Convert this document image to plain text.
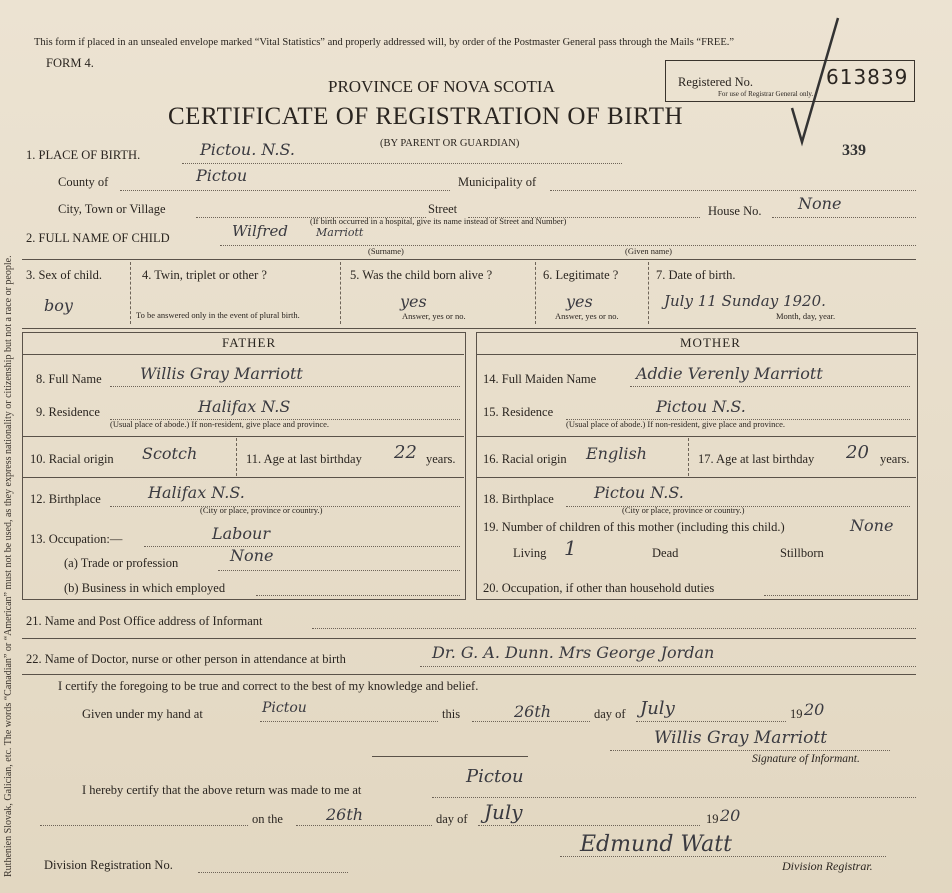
Ruthenien Slovak, Galician, etc. The words “Canadian” or “American” must not be used, as they express nationality or citizenship but not a race or people.
This form if placed in an unsealed envelope marked “Vital Statistics” and properly addressed will, by order of the Postmaster General pass through the Mails “FREE.”
FORM 4.
PROVINCE OF NOVA SCOTIA
CERTIFICATE OF REGISTRATION OF BIRTH
(BY PARENT OR GUARDIAN)
Registered No.
For use of Registrar General only.
613839
339
1. PLACE OF BIRTH.	Pictou. N.S.
County of	Pictou	Municipality of
City, Town or Village	Street
(If birth occurred in a hospital, give its name instead of Street and Number)
House No. None
2. FULL NAME OF CHILD	Wilfred	Marriott
(Surname)	(Given name)
3. Sex of child.
boy
4. Twin, triplet or other ?
To be answered only in the event of plural birth.
5. Was the child born alive ?
yes
Answer, yes or no.
6. Legitimate ?
yes
Answer, yes or no.
7. Date of birth.
July 11 Sunday 1920.
Month, day, year.
FATHER	MOTHER
8. Full Name Willis Gray Marriott
9. Residence	Halifax N.S
(Usual place of abode.) If non-resident, give place and province.
10. Racial origin Scotch	11. Age at last birthday 22 years.
12. Birthplace	Halifax N.S.
(City or place, province or country.)
13. Occupation:—	Labour
(a) Trade or profession	None
(b) Business in which employed
14. Full Maiden Name Addie Verenly Marriott
15. Residence	Pictou N.S.
(Usual place of abode.) If non-resident, give place and province.
16. Racial origin English	17. Age at last birthday 20 years.
18. Birthplace	Pictou N.S.
(City or place, province or country.)
19. Number of children of this mother (including this child.)	None
Living 1	Dead	Stillborn
20. Occupation, if other than household duties
21. Name and Post Office address of Informant
22. Name of Doctor, nurse or other person in attendance at birth	Dr. G. A. Dunn. Mrs George Jordan
I certify the foregoing to be true and correct to the best of my knowledge and belief.
Given under my hand at	Pictou	this	26th	day of July	19 20
Willis Gray Marriott
Signature of Informant.
I hereby certify that the above return was made to me at
Pictou
on the	26th	day of July	19 20
Edmund Watt
Division Registration No.	Division Registrar.
